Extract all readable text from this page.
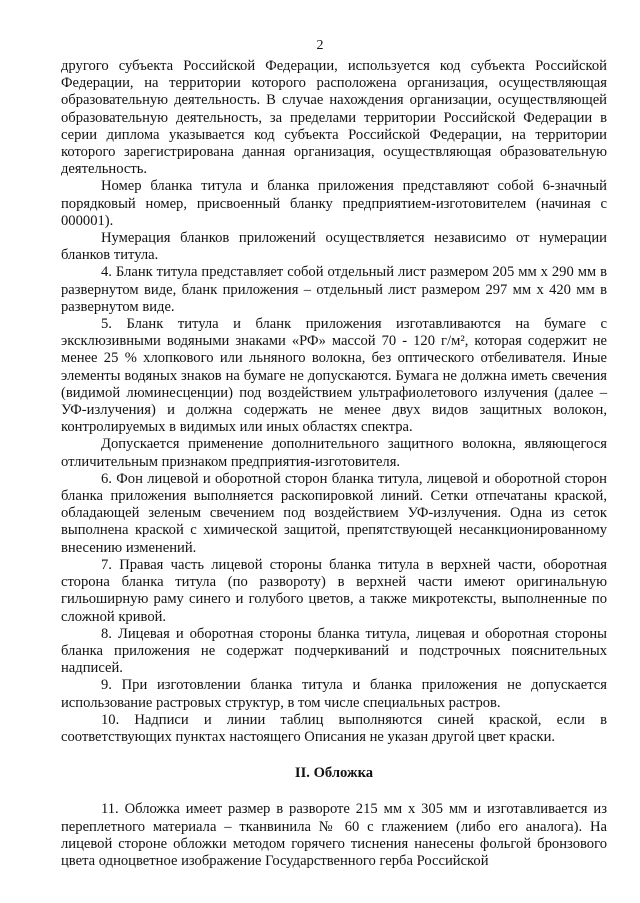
2

другого субъекта Российской Федерации, используется код субъекта Российской Федерации, на территории которого расположена организация, осуществляющая образовательную деятельность. В случае нахождения организации, осуществляющей образовательную деятельность, за пределами территории Российской Федерации в серии диплома указывается код субъекта Российской Федерации, на территории которого зарегистрирована данная организация, осуществляющая образовательную деятельность.

Номер бланка титула и бланка приложения представляют собой 6-значный порядковый номер, присвоенный бланку предприятием-изготовителем (начиная с 000001).

Нумерация бланков приложений осуществляется независимо от нумерации бланков титула.

4. Бланк титула представляет собой отдельный лист размером 205 мм х 290 мм в развернутом виде, бланк приложения – отдельный лист размером 297 мм х 420 мм в развернутом виде.

5. Бланк титула и бланк приложения изготавливаются на бумаге с эксклюзивными водяными знаками «РФ» массой 70 - 120 г/м², которая содержит не менее 25 % хлопкового или льняного волокна, без оптического отбеливателя. Иные элементы водяных знаков на бумаге не допускаются. Бумага не должна иметь свечения (видимой люминесценции) под воздействием ультрафиолетового излучения (далее – УФ-излучения) и должна содержать не менее двух видов защитных волокон, контролируемых в видимых или иных областях спектра.

Допускается применение дополнительного защитного волокна, являющегося отличительным признаком предприятия-изготовителя.

6. Фон лицевой и оборотной сторон бланка титула, лицевой и оборотной сторон бланка приложения выполняется раскопировкой линий. Сетки отпечатаны краской, обладающей зеленым свечением под воздействием УФ-излучения. Одна из сеток выполнена краской с химической защитой, препятствующей несанкционированному внесению изменений.

7. Правая часть лицевой стороны бланка титула в верхней части, оборотная сторона бланка титула (по развороту) в верхней части имеют оригинальную гильоширную раму синего и голубого цветов, а также микротексты, выполненные по сложной кривой.

8. Лицевая и оборотная стороны бланка титула, лицевая и оборотная стороны бланка приложения не содержат подчеркиваний и подстрочных пояснительных надписей.

9. При изготовлении бланка титула и бланка приложения не допускается использование растровых структур, в том числе специальных растров.

10. Надписи и линии таблиц выполняются синей краской, если в соответствующих пунктах настоящего Описания не указан другой цвет краски.

II. Обложка

11. Обложка имеет размер в развороте 215 мм х 305 мм и изготавливается из переплетного материала – тканвинила № 60 с глажением (либо его аналога). На лицевой стороне обложки методом горячего тиснения нанесены фольгой бронзового цвета одноцветное изображение Государственного герба Российской
